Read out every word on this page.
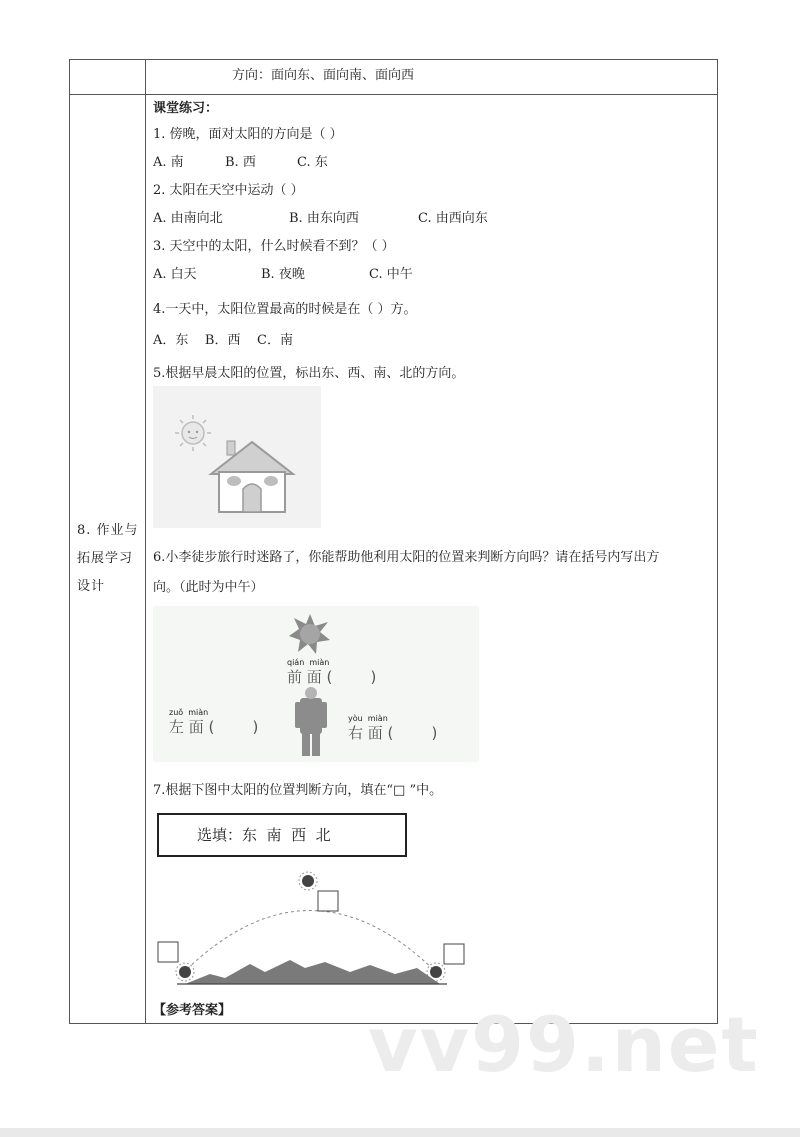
方向：面向东、面向南、面向西
8. 作业与拓展学习设计
课堂练习：
1. 傍晚，面对太阳的方向是（ ）
A. 南	B. 西	C. 东
2. 太阳在天空中运动（ ）
A. 由南向北	B. 由东向西	C. 由西向东
3. 天空中的太阳，什么时候看不到？（ ）
A. 白天	B. 夜晚	C. 中午
4.一天中，太阳位置最高的时候是在（ ）方。
A．东    B．西    C．南
5.根据早晨太阳的位置，标出东、西、南、北的方向。
6.小李徒步旅行时迷路了，你能帮助他利用太阳的位置来判断方向吗？请在括号内写出方
向。（此时为中午）
qián  miàn
前 面 (        )
zuǒ  miàn
左 面 (        )	yòu  miàn
右 面 (        )
7.根据下图中太阳的位置判断方向，填在“□ ”中。
选填：东  南  西  北
【参考答案】 vv99.net
